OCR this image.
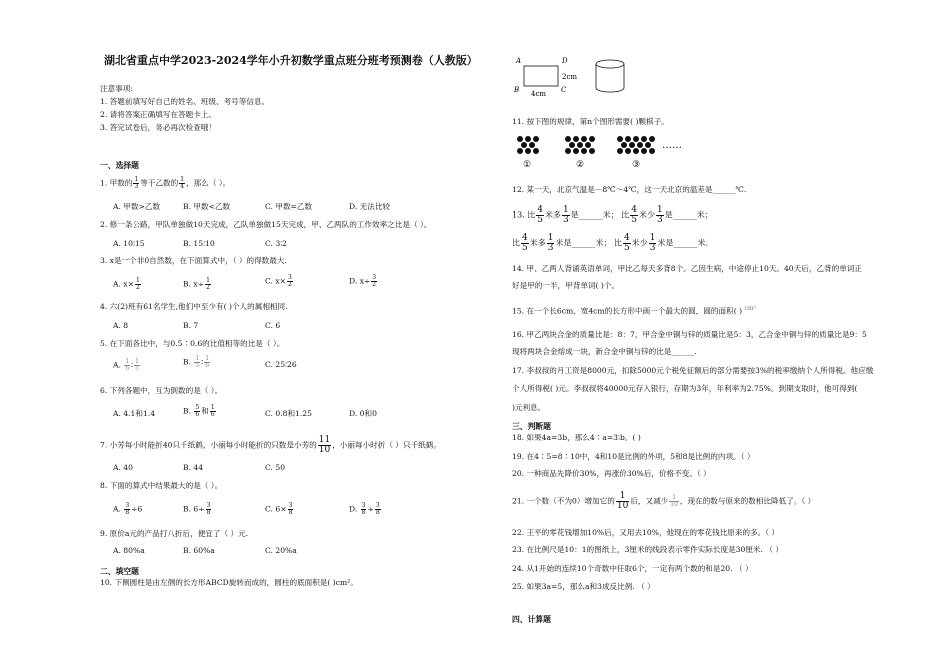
湖北省重点中学2023-2024学年小升初数学重点班分班考预测卷（人教版）
注意事项:
1. 答题前填写好自己的姓名、班级、考号等信息。
2. 请将答案正确填写在答题卡上。
3. 答完试卷后，务必再次检查哦！
一、选择题
1. 甲数的 $\frac{1}{3}$ 等于乙数的 $\frac{1}{4}$ ，那么（ ）。
A. 甲数>乙数	B. 甲数<乙数	C. 甲数=乙数	D. 无法比较
2. 修一条公路，甲队单独做10天完成，乙队单独做15天完成，甲、乙两队的工作效率之比是（ ）。
A. 10∶15	B. 15∶10	C. 3∶2
3. x是一个非0自然数，在下面算式中，（ ）的得数最大.
A. $x\times \frac{1}{2}$	B. $x\div \frac{1}{2}$	C. $x\times \frac{3}{2}$	D. $x\div \frac{3}{2}$
4. 六(2)班有61名学生,他们中至少有( )个人的属相相同.
A. 8	B. 7	C. 6
5. 在下面各比中，与0.5∶0.6的比值相等的比是（ ）。
A. $\frac{1}{6}$ ∶ $\frac{1}{5}$	B. $\frac{1}{5}$ ∶ $\frac{1}{6}$	C. 25∶26
6. 下列各题中，互为倒数的是（ ）。
A. 4.1和1.4	B. $\frac{5}{6}$ 和 $\frac{1}{6}$	C. 0.8和1.25	D. 0和0
7. 小芳每小时能折40只千纸鹤，小丽每小时能折的只数是小芳的 $\frac{11}{10}$ ，小丽每小时折（ ）只千纸鹤。
A. 40	B. 44	C. 50
8. 下面的算式中结果最大的是（ ）。
A. $\frac{3}{8} \div 6$	B. $6\div \frac{3}{8}$	C. $6\times \frac{3}{8}$	D. $\frac{3}{8} \div \frac{3}{8}$
9. 原价a元的产品打八折后，便宜了（ ）元.
A. 80%a	B. 60%a	C. 20%a
二、填空题
10. 下侧圆柱是由左侧的长方形ABCD旋转而成的，圆柱的底面积是( )cm²。
A	D
B	C
2cm
4cm
11. 按下图的规律，第n个图形需要( )颗棋子。
……
①	②	③
12. 某一天，北京气温是－8℃～4℃，这一天北京的温差是______℃.
13. 比 $\frac{4}{5}$ 米多 $\frac{1}{3}$ 是______米； 比 $\frac{4}{5}$ 米少 $\frac{1}{3}$ 是______米；
比 $\frac{4}{5}$ 米多 $\frac{1}{3}$ 米是______米； 比 $\frac{4}{5}$ 米少 $\frac{1}{3}$ 米是______米.
14. 甲、乙两人背诵英语单词，甲比乙每天多背8个。乙因生病，中途停止10天。40天后，乙背的单词正
好是甲的一半，甲背单词( )个。
15. 在一个长6cm、宽4cm的长方形中画一个最大的圆，圆的面积( ) $^{cm^2}$
16. 甲乙两块合金的质量比是：8：7，甲合金中铜与锌的质量比是5：3，乙合金中铜与锌的质量比是9：5
现将两块合金熔成一块，新合金中铜与锌的比是______.
17. 李叔叔的月工资是8000元，扣除5000元个税免征额后的部分需要按3%的税率缴纳个人所得税。他应缴
个人所得税( )元。李叔叔将40000元存入银行，存期为3年，年利率为2.75%。到期支取时，他可得到(
)元利息。
三、判断题
18. 如果4a=3b，那么4∶a=3∶b。( )
19. 在4∶5=8∶10中，4和10是比例的外项，5和8是比例的内项。（ ）
20. 一种商品先降价30%，再涨价30%后，价格不变。（ ）
21. 一个数（不为0）增加它的 $\frac{1}{10}$ 后，又减少 $\frac{1}{10}$ ，现在的数与原来的数相比降低了。（ ）
22. 王平的零花钱增加10%后，又用去10%，他现在的零花钱比原来的多。（ ）
23. 在比例尺是10：1的图纸上，3厘米的线段表示零件实际长度是30厘米. （ ）
24. 从1开始的连续10个奇数中任取6个，一定有两个数的和是20. （ ）
25. 如果3a=5，那么a和3成反比例. （ ）
四、计算题
